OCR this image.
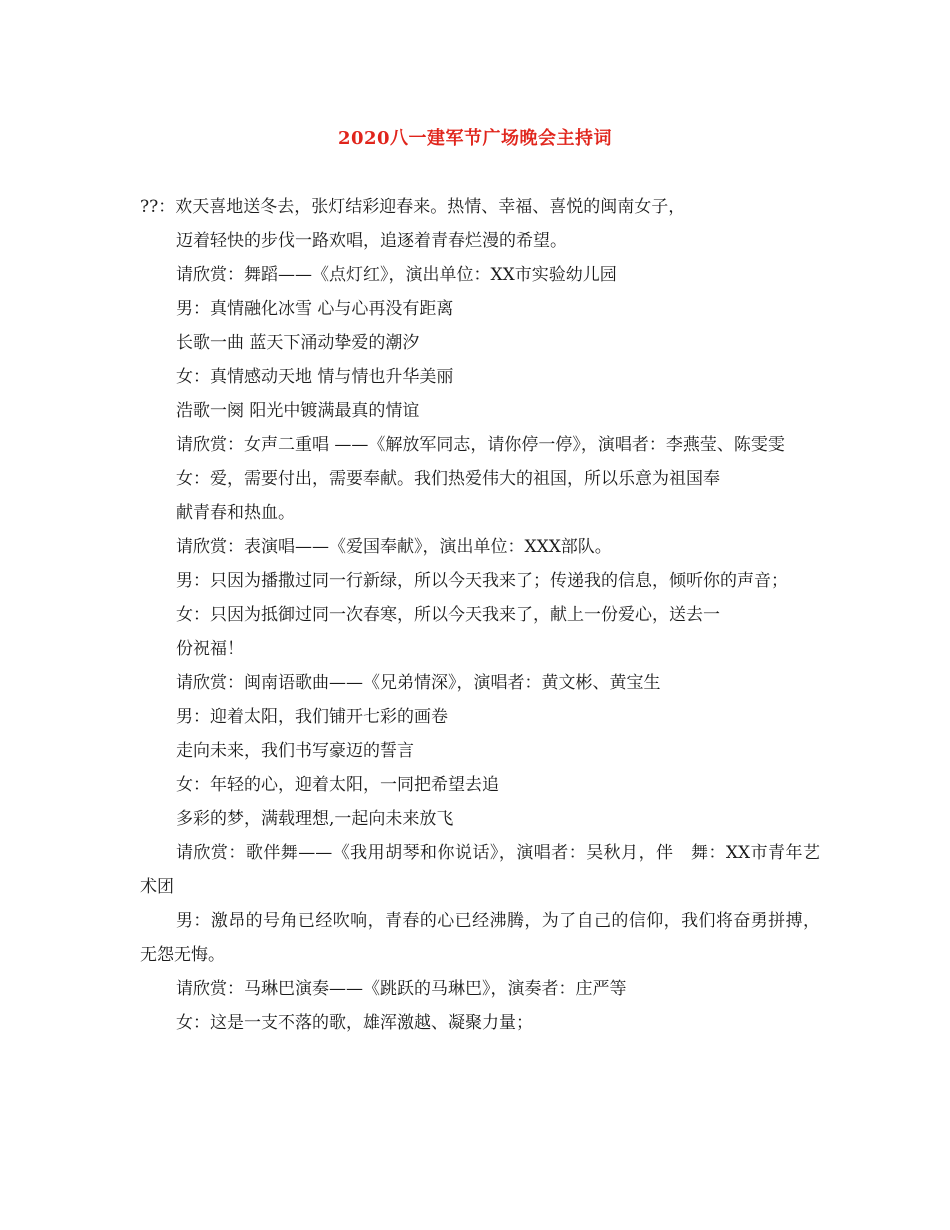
2020八一建军节广场晚会主持词

??：欢天喜地送冬去，张灯结彩迎春来。热情、幸福、喜悦的闽南女子，

迈着轻快的步伐一路欢唱，追逐着青春烂漫的希望。

请欣赏：舞蹈——《点灯红》，演出单位：XX市实验幼儿园

男：真情融化冰雪 心与心再没有距离

长歌一曲 蓝天下涌动挚爱的潮汐

女：真情感动天地 情与情也升华美丽

浩歌一阕 阳光中镀满最真的情谊

请欣赏：女声二重唱 ——《解放军同志，请你停一停》，演唱者：李燕莹、陈雯雯

女：爱，需要付出，需要奉献。我们热爱伟大的祖国，所以乐意为祖国奉

献青春和热血。

请欣赏：表演唱——《爱国奉献》，演出单位：XXX部队。

男：只因为播撒过同一行新绿，所以今天我来了；传递我的信息，倾听你的声音；

女：只因为抵御过同一次春寒，所以今天我来了，献上一份爱心，送去一

份祝福！

请欣赏：闽南语歌曲——《兄弟情深》，演唱者：黄文彬、黄宝生

男：迎着太阳，我们铺开七彩的画卷

走向未来，我们书写豪迈的誓言

女：年轻的心，迎着太阳，一同把希望去追

多彩的梦，满载理想,一起向未来放飞

请欣赏：歌伴舞——《我用胡琴和你说话》，演唱者：吴秋月，伴　舞：XX市青年艺术团

男：激昂的号角已经吹响，青春的心已经沸腾，为了自己的信仰，我们将奋勇拼搏，无怨无悔。

请欣赏：马琳巴演奏——《跳跃的马琳巴》，演奏者：庄严等

女：这是一支不落的歌，雄浑激越、凝聚力量；
